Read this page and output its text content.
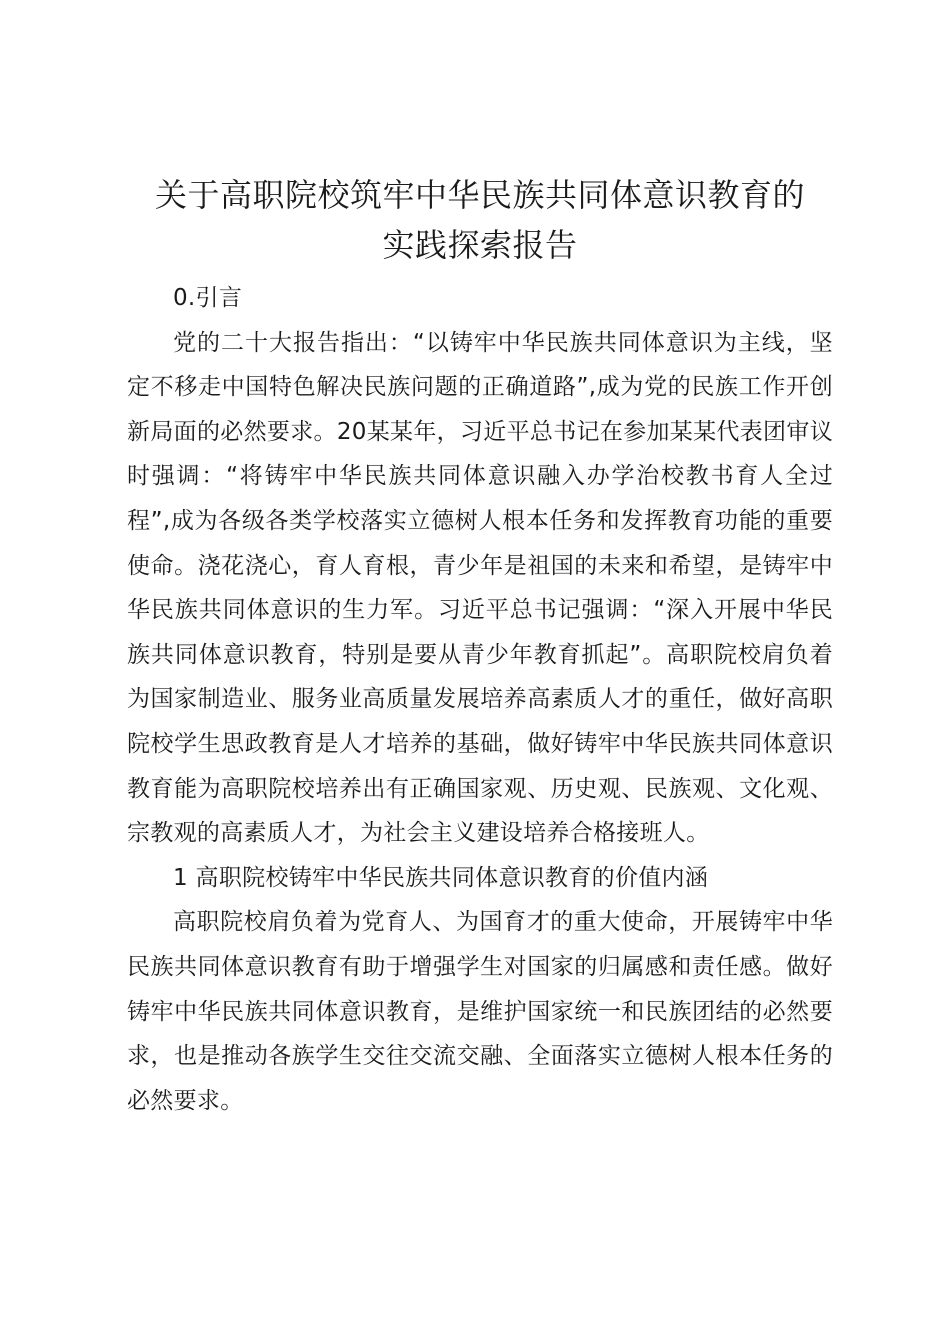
关于高职院校筑牢中华民族共同体意识教育的
实践探索报告
0.引言

党的二十大报告指出：“以铸牢中华民族共同体意识为主线，坚定不移走中国特色解决民族问题的正确道路”,成为党的民族工作开创新局面的必然要求。20某某年，习近平总书记在参加某某代表团审议时强调：“将铸牢中华民族共同体意识融入办学治校教书育人全过程”,成为各级各类学校落实立德树人根本任务和发挥教育功能的重要使命。浇花浇心，育人育根，青少年是祖国的未来和希望，是铸牢中华民族共同体意识的生力军。习近平总书记强调：“深入开展中华民族共同体意识教育，特别是要从青少年教育抓起”。高职院校肩负着为国家制造业、服务业高质量发展培养高素质人才的重任，做好高职院校学生思政教育是人才培养的基础，做好铸牢中华民族共同体意识教育能为高职院校培养出有正确国家观、历史观、民族观、文化观、宗教观的高素质人才，为社会主义建设培养合格接班人。

1 高职院校铸牢中华民族共同体意识教育的价值内涵

高职院校肩负着为党育人、为国育才的重大使命，开展铸牢中华民族共同体意识教育有助于增强学生对国家的归属感和责任感。做好铸牢中华民族共同体意识教育，是维护国家统一和民族团结的必然要求，也是推动各族学生交往交流交融、全面落实立德树人根本任务的必然要求。
